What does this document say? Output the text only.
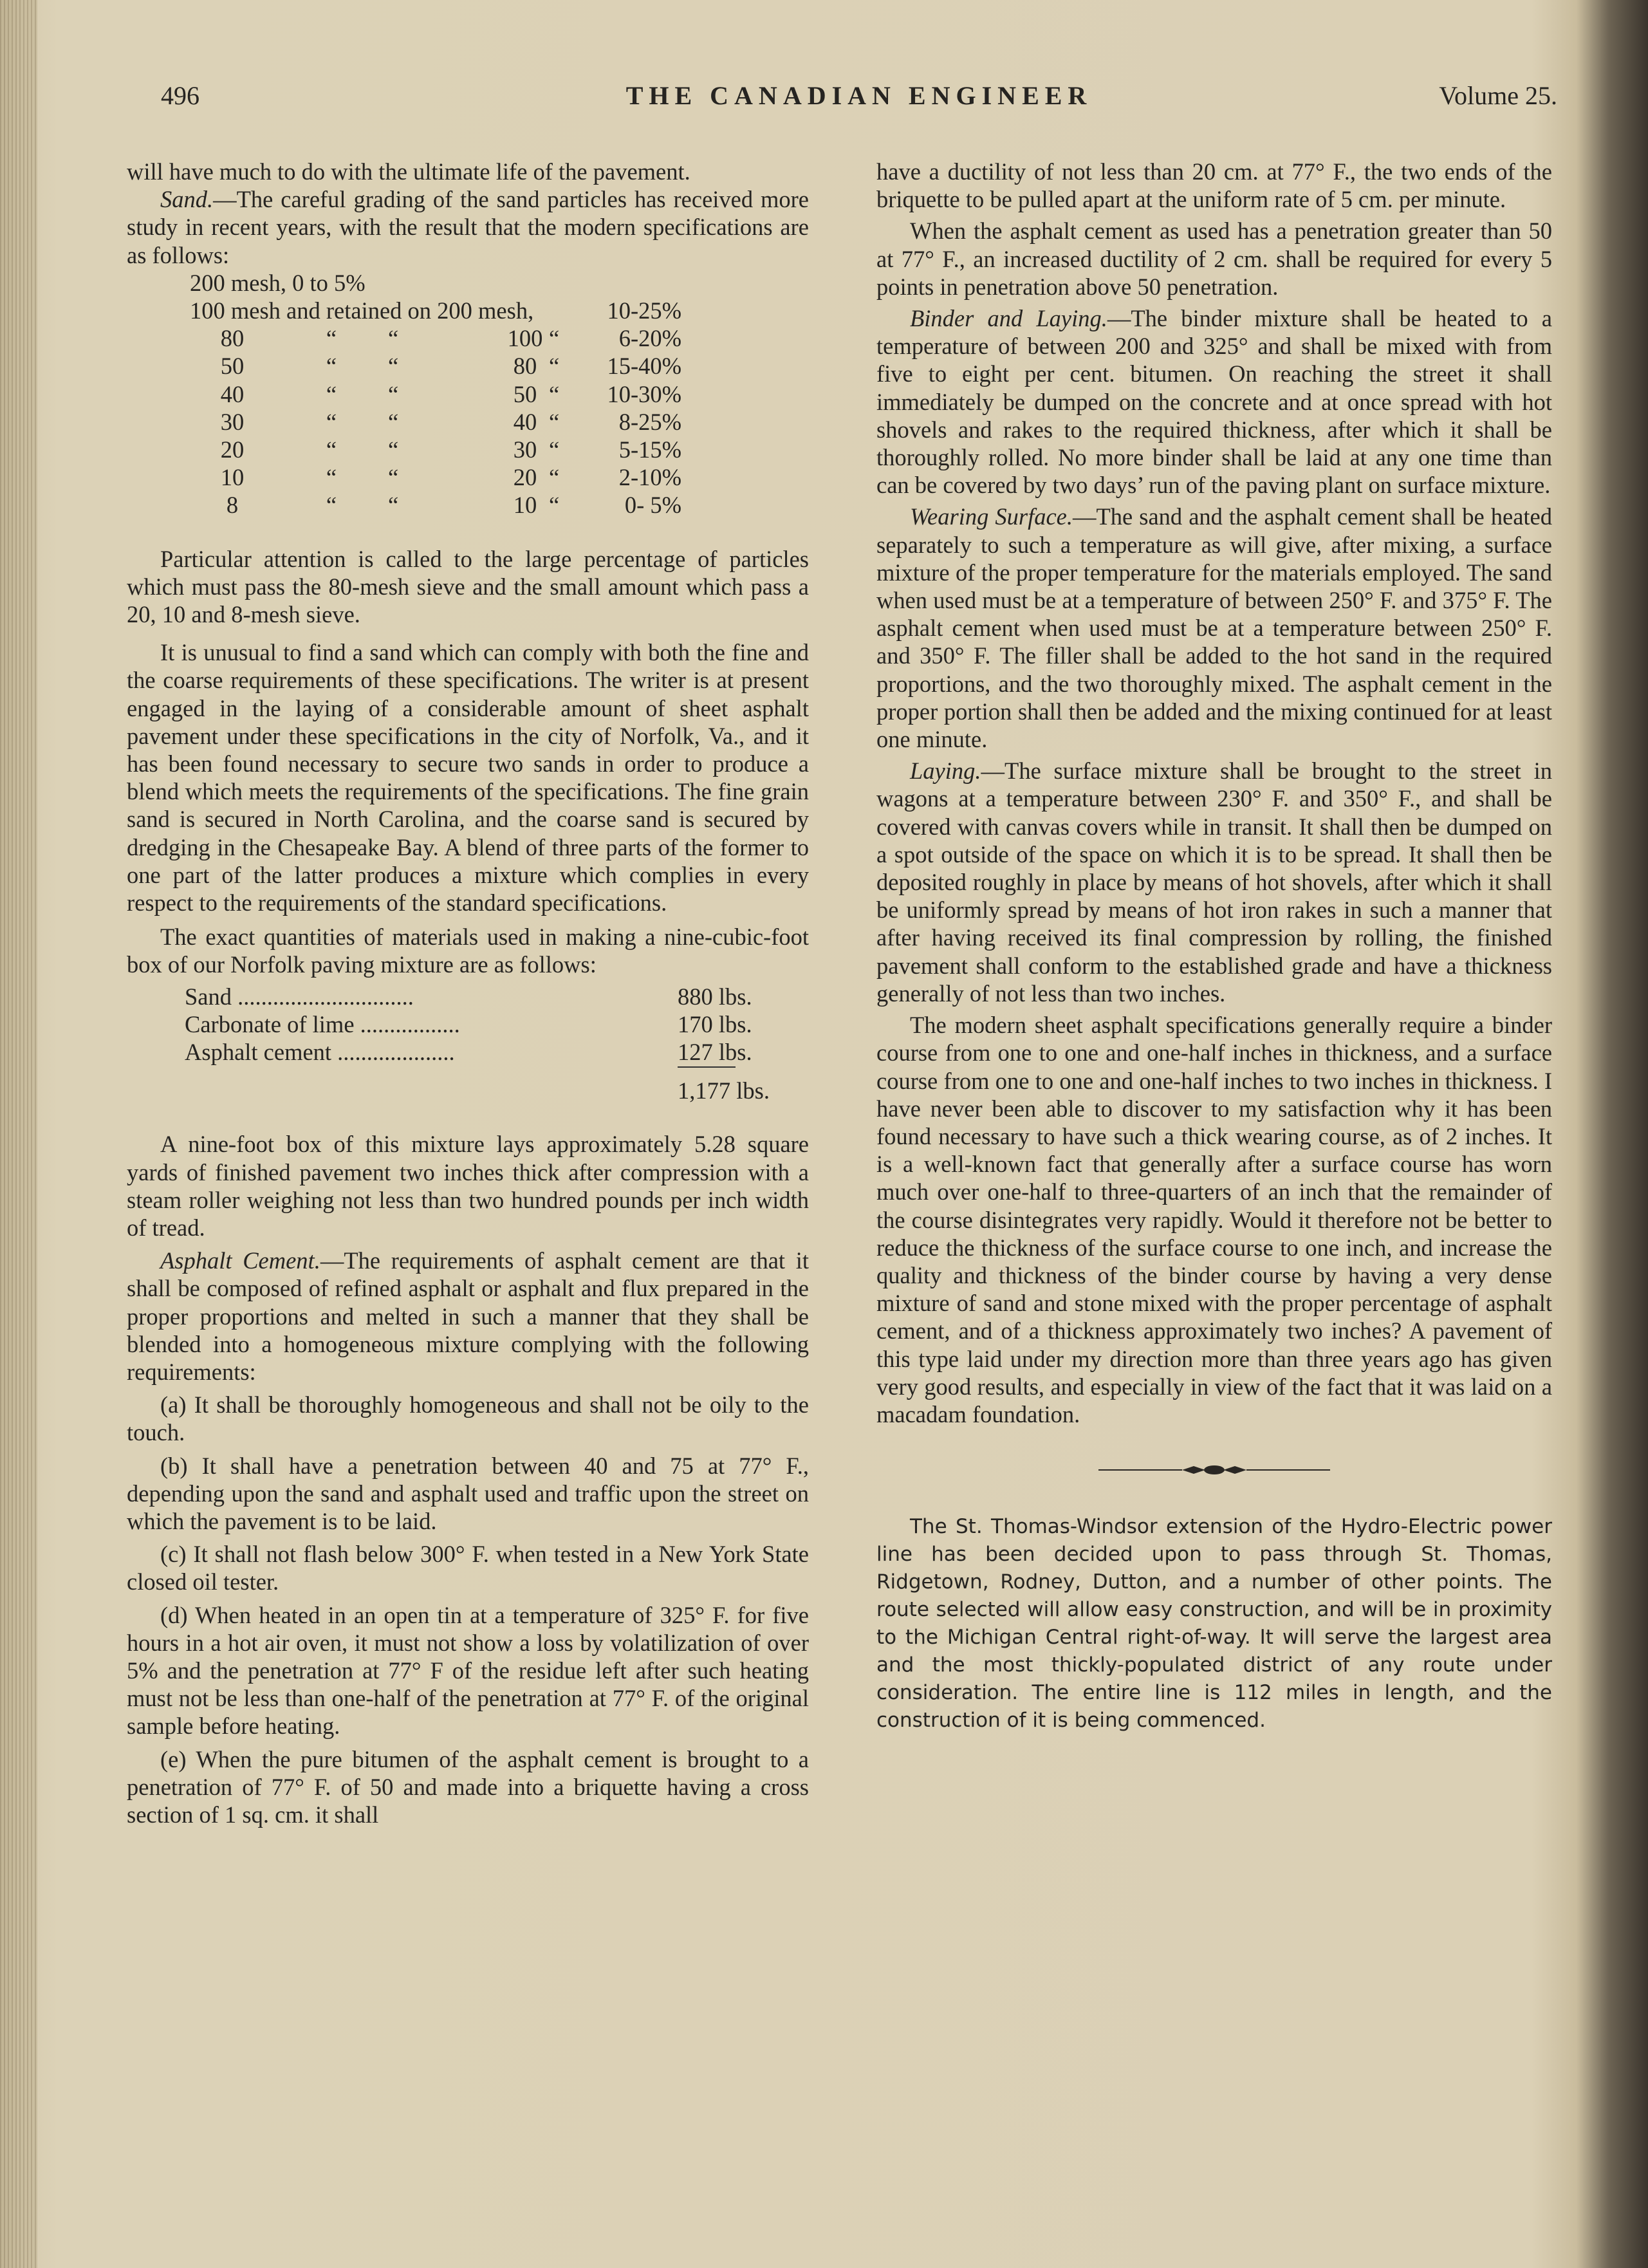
496	THE CANADIAN ENGINEER	Volume 25.

will have much to do with the ultimate life of the pavement.

Sand.—The careful grading of the sand particles has received more study in recent years, with the result that the modern specifications are as follows:

200 mesh, 0 to 5%					
100 mesh and retained on 200 mesh,					10-25%
80	“	“	100	“	6-20%
50	“	“	80	“	15-40%
40	“	“	50	“	10-30%
30	“	“	40	“	8-25%
20	“	“	30	“	5-15%
10	“	“	20	“	2-10%
8	“	“	10	“	0- 5%

Particular attention is called to the large percentage of particles which must pass the 80-mesh sieve and the small amount which pass a 20, 10 and 8-mesh sieve.

It is unusual to find a sand which can comply with both the fine and the coarse requirements of these specifications. The writer is at present engaged in the laying of a considerable amount of sheet asphalt pavement under these specifications in the city of Norfolk, Va., and it has been found necessary to secure two sands in order to produce a blend which meets the requirements of the specifications. The fine grain sand is secured in North Carolina, and the coarse sand is secured by dredging in the Chesapeake Bay. A blend of three parts of the former to one part of the latter produces a mixture which complies in every respect to the requirements of the standard specifications.

The exact quantities of materials used in making a nine-cubic-foot box of our Norfolk paving mixture are as follows:

Sand ..............................	880 lbs.
Carbonate of lime .................	170 lbs.
Asphalt cement ....................	127 lbs.

1,177 lbs.

A nine-foot box of this mixture lays approximately 5.28 square yards of finished pavement two inches thick after compression with a steam roller weighing not less than two hundred pounds per inch width of tread.

Asphalt Cement.—The requirements of asphalt cement are that it shall be composed of refined asphalt or asphalt and flux prepared in the proper proportions and melted in such a manner that they shall be blended into a homogeneous mixture complying with the following requirements:

(a) It shall be thoroughly homogeneous and shall not be oily to the touch.

(b) It shall have a penetration between 40 and 75 at 77° F., depending upon the sand and asphalt used and traffic upon the street on which the pavement is to be laid.

(c) It shall not flash below 300° F. when tested in a New York State closed oil tester.

(d) When heated in an open tin at a temperature of 325° F. for five hours in a hot air oven, it must not show a loss by volatilization of over 5% and the penetration at 77° F of the residue left after such heating must not be less than one-half of the penetration at 77° F. of the original sample before heating.

(e) When the pure bitumen of the asphalt cement is brought to a penetration of 77° F. of 50 and made into a briquette having a cross section of 1 sq. cm. it shall

have a ductility of not less than 20 cm. at 77° F., the two ends of the briquette to be pulled apart at the uniform rate of 5 cm. per minute.

When the asphalt cement as used has a penetration greater than 50 at 77° F., an increased ductility of 2 cm. shall be required for every 5 points in penetration above 50 penetration.

Binder and Laying.—The binder mixture shall be heated to a temperature of between 200 and 325° and shall be mixed with from five to eight per cent. bitumen. On reaching the street it shall immediately be dumped on the concrete and at once spread with hot shovels and rakes to the required thickness, after which it shall be thoroughly rolled. No more binder shall be laid at any one time than can be covered by two days’ run of the paving plant on surface mixture.

Wearing Surface.—The sand and the asphalt cement shall be heated separately to such a temperature as will give, after mixing, a surface mixture of the proper temperature for the materials employed. The sand when used must be at a temperature of between 250° F. and 375° F. The asphalt cement when used must be at a temperature between 250° F. and 350° F. The filler shall be added to the hot sand in the required proportions, and the two thoroughly mixed. The asphalt cement in the proper portion shall then be added and the mixing continued for at least one minute.

Laying.—The surface mixture shall be brought to the street in wagons at a temperature between 230° F. and 350° F., and shall be covered with canvas covers while in transit. It shall then be dumped on a spot outside of the space on which it is to be spread. It shall then be deposited roughly in place by means of hot shovels, after which it shall be uniformly spread by means of hot iron rakes in such a manner that after having received its final compression by rolling, the finished pavement shall conform to the established grade and have a thickness generally of not less than two inches.

The modern sheet asphalt specifications generally require a binder course from one to one and one-half inches in thickness, and a surface course from one to one and one-half inches to two inches in thickness. I have never been able to discover to my satisfaction why it has been found necessary to have such a thick wearing course, as of 2 inches. It is a well-known fact that generally after a surface course has worn much over one-half to three-quarters of an inch that the remainder of the course disintegrates very rapidly. Would it therefore not be better to reduce the thickness of the surface course to one inch, and increase the quality and thickness of the binder course by having a very dense mixture of sand and stone mixed with the proper percentage of asphalt cement, and of a thickness approximately two inches? A pavement of this type laid under my direction more than three years ago has given very good results, and especially in view of the fact that it was laid on a macadam foundation.

The St. Thomas-Windsor extension of the Hydro-Electric power line has been decided upon to pass through St. Thomas, Ridgetown, Rodney, Dutton, and a number of other points. The route selected will allow easy construction, and will be in proximity to the Michigan Central right-of-way. It will serve the largest area and the most thickly-populated district of any route under consideration. The entire line is 112 miles in length, and the construction of it is being commenced.
